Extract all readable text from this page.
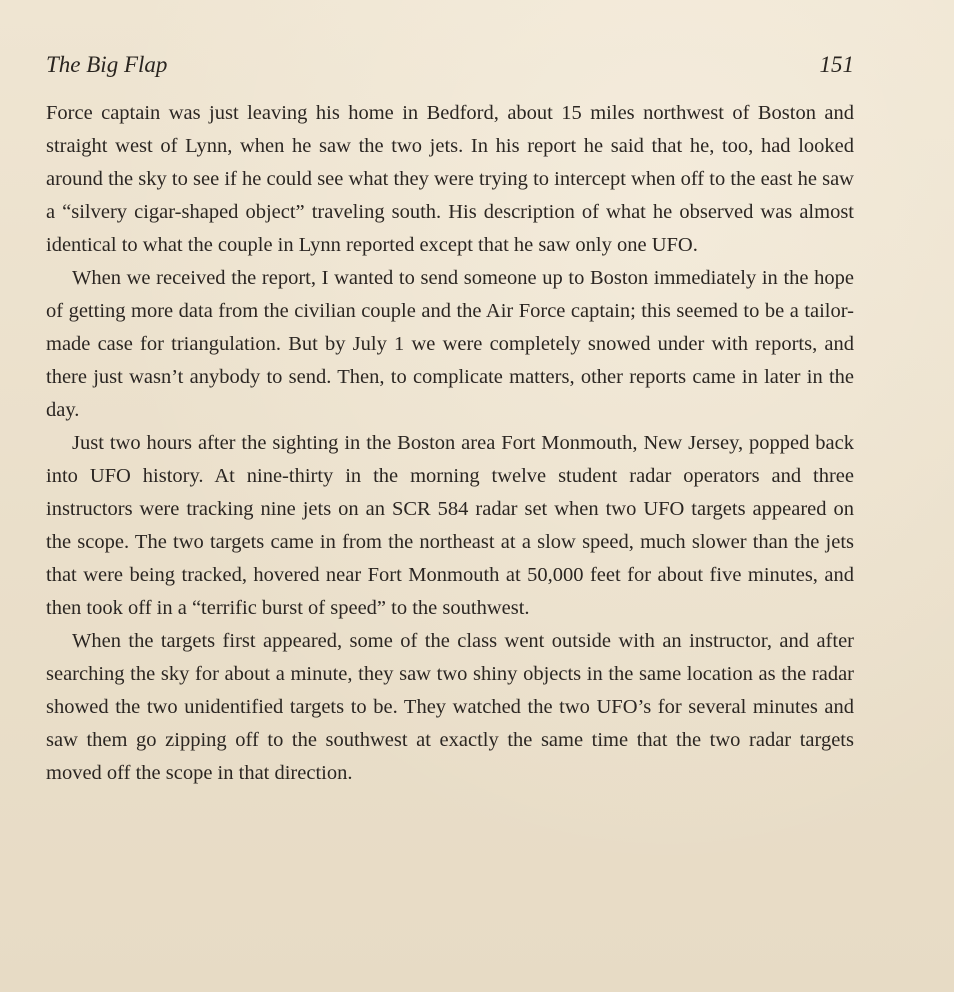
The Big Flap	151

Force captain was just leaving his home in Bedford, about 15 miles northwest of Boston and straight west of Lynn, when he saw the two jets. In his report he said that he, too, had looked around the sky to see if he could see what they were trying to intercept when off to the east he saw a “silvery cigar-shaped object” traveling south. His description of what he observed was almost identical to what the couple in Lynn reported except that he saw only one UFO.

When we received the report, I wanted to send someone up to Boston immediately in the hope of getting more data from the civilian couple and the Air Force captain; this seemed to be a tailor-made case for triangulation. But by July 1 we were completely snowed under with reports, and there just wasn’t anybody to send. Then, to complicate matters, other reports came in later in the day.

Just two hours after the sighting in the Boston area Fort Monmouth, New Jersey, popped back into UFO history. At nine-thirty in the morning twelve student radar operators and three instructors were tracking nine jets on an SCR 584 radar set when two UFO targets appeared on the scope. The two targets came in from the northeast at a slow speed, much slower than the jets that were being tracked, hovered near Fort Monmouth at 50,000 feet for about five minutes, and then took off in a “terrific burst of speed” to the southwest.

When the targets first appeared, some of the class went outside with an instructor, and after searching the sky for about a minute, they saw two shiny objects in the same location as the radar showed the two unidentified targets to be. They watched the two UFO’s for several minutes and saw them go zipping off to the southwest at exactly the same time that the two radar targets moved off the scope in that direction.
